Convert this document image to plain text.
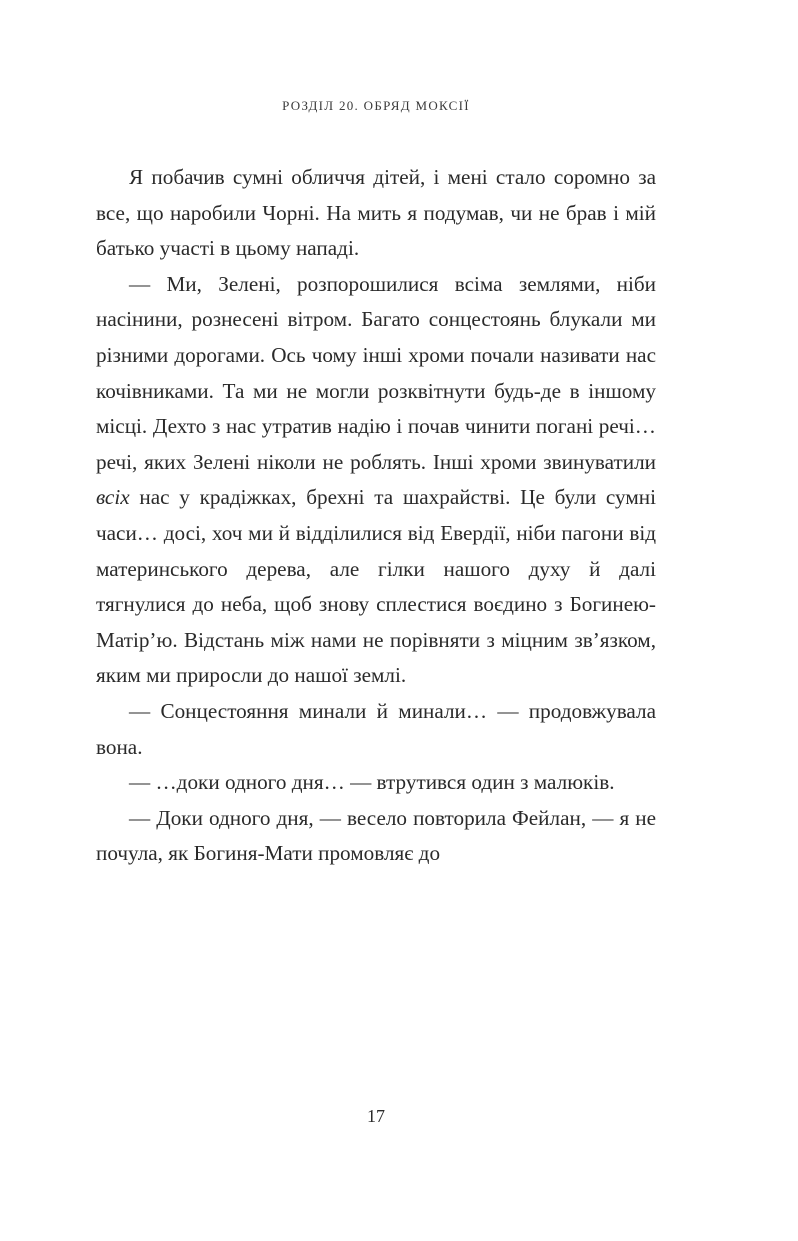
РОЗДІЛ 20. ОБРЯД МОКСІЇ

Я побачив сумні обличчя дітей, і мені стало соромно за все, що наробили Чорні. На мить я подумав, чи не брав і мій батько участі в цьому нападі.

— Ми, Зелені, розпорошилися всіма землями, ніби насінини, рознесені вітром. Багато сонцестоянь блукали ми різними дорогами. Ось чому інші хроми почали називати нас кочівниками. Та ми не могли розквітнути будь-де в іншому місці. Дехто з нас утратив надію і почав чинити погані речі… речі, яких Зелені ніколи не роблять. Інші хроми звинуватили всіх нас у крадіжках, брехні та шахрайстві. Це були сумні часи… досі, хоч ми й відділилися від Евердії, ніби пагони від материнського дерева, але гілки нашого духу й далі тягнулися до неба, щоб знову сплестися воєдино з Богинею-Матір’ю. Відстань між нами не порівняти з міцним зв’язком, яким ми приросли до нашої землі.

— Сонцестояння минали й минали… — продовжувала вона.

— …доки одного дня… — втрутився один з малюків.

— Доки одного дня, — весело повторила Фейлан, — я не почула, як Богиня-Мати промовляє до

17
